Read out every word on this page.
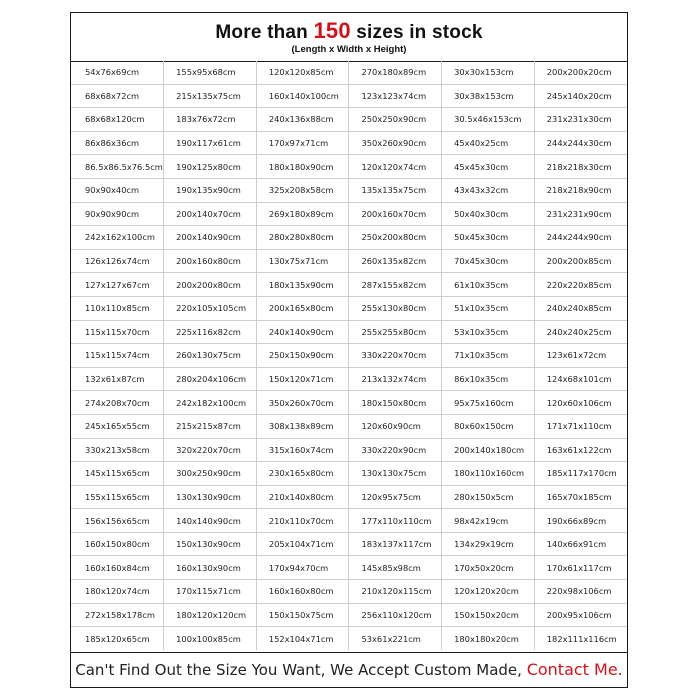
More than 150 sizes in stock
(Length x Width x Height)
54x76x69cm	155x95x68cm	120x120x85cm	270x180x89cm	30x30x153cm	200x200x20cm
68x68x72cm	215x135x75cm	160x140x100cm	123x123x74cm	30x38x153cm	245x140x20cm
68x68x120cm	183x76x72cm	240x136x88cm	250x250x90cm	30.5x46x153cm	231x231x30cm
86x86x36cm	190x117x61cm	170x97x71cm	350x260x90cm	45x40x25cm	244x244x30cm
86.5x86.5x76.5cm	190x125x80cm	180x180x90cm	120x120x74cm	45x45x30cm	218x218x30cm
90x90x40cm	190x135x90cm	325x208x58cm	135x135x75cm	43x43x32cm	218x218x90cm
90x90x90cm	200x140x70cm	269x180x89cm	200x160x70cm	50x40x30cm	231x231x90cm
242x162x100cm	200x140x90cm	280x280x80cm	250x200x80cm	50x45x30cm	244x244x90cm
126x126x74cm	200x160x80cm	130x75x71cm	260x135x82cm	70x45x30cm	200x200x85cm
127x127x67cm	200x200x80cm	180x135x90cm	287x155x82cm	61x10x35cm	220x220x85cm
110x110x85cm	220x105x105cm	200x165x80cm	255x130x80cm	51x10x35cm	240x240x85cm
115x115x70cm	225x116x82cm	240x140x90cm	255x255x80cm	53x10x35cm	240x240x25cm
115x115x74cm	260x130x75cm	250x150x90cm	330x220x70cm	71x10x35cm	123x61x72cm
132x61x87cm	280x204x106cm	150x120x71cm	213x132x74cm	86x10x35cm	124x68x101cm
274x208x70cm	242x182x100cm	350x260x70cm	180x150x80cm	95x75x160cm	120x60x106cm
245x165x55cm	215x215x87cm	308x138x89cm	120x60x90cm	80x60x150cm	171x71x110cm
330x213x58cm	320x220x70cm	315x160x74cm	330x220x90cm	200x140x180cm	163x61x122cm
145x115x65cm	300x250x90cm	230x165x80cm	130x130x75cm	180x110x160cm	185x117x170cm
155x115x65cm	130x130x90cm	210x140x80cm	120x95x75cm	280x150x5cm	165x70x185cm
156x156x65cm	140x140x90cm	210x110x70cm	177x110x110cm	98x42x19cm	190x66x89cm
160x150x80cm	150x130x90cm	205x104x71cm	183x137x117cm	134x29x19cm	140x66x91cm
160x160x84cm	160x130x90cm	170x94x70cm	145x85x98cm	170x50x20cm	170x61x117cm
180x120x74cm	170x115x71cm	160x160x80cm	210x120x115cm	120x120x20cm	220x98x106cm
272x158x178cm	180x120x120cm	150x150x75cm	256x110x120cm	150x150x20cm	200x95x106cm
185x120x65cm	100x100x85cm	152x104x71cm	53x61x221cm	180x180x20cm	182x111x116cm
Can't Find Out the Size You Want, We Accept Custom Made, Contact Me.
